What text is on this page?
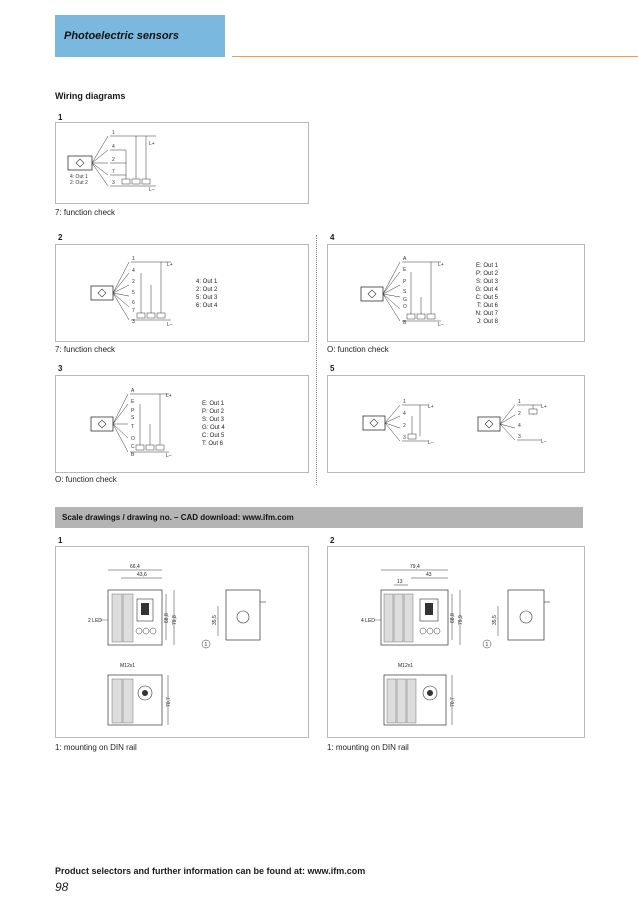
Photoelectric sensors
Wiring diagrams
1
1
4
2
7
3
L+
L–
4: Out 1
2: Out 2
7: function check
2
1
4
2
5
6
7
3
L+
L–
4: Out 1
2: Out 2
5: Out 3
6: Out 4
7: function check
4
A
E
P
S
G
O
B
L+
L–
E: Out 1
P: Out 2
S: Out 3
G: Out 4
C: Out 5
T: Out 6
N: Out 7
J: Out 8
O: function check
3
A
E
P
S
T
O
C
B
L+
L–
E: Out 1
P: Out 2
S: Out 3
G: Out 4
C: Out 5
T: Out 6
O: function check
5
1
4
2
3
L+
L–
1
2
4
3
L+
L–
Scale drawings / drawing no. – CAD download: www.ifm.com
1
66,4
43,6
68,8 79,8
2 LED	35,5
1
M12x1
70,7
1: mounting on DIN rail
2
79,4
43
13
68,8 79,9
4 LED	35,5
1
M12x1
70,7
1: mounting on DIN rail
Product selectors and further information can be found at: www.ifm.com
98
